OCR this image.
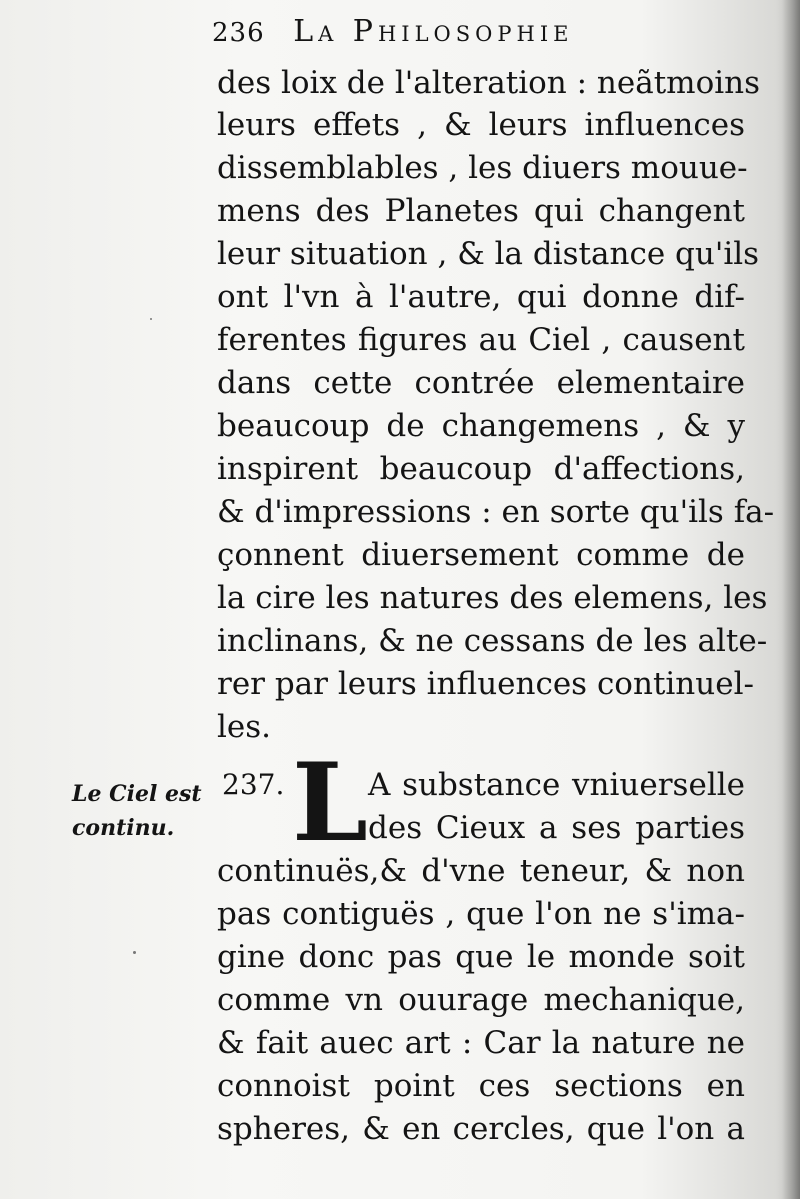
236 La Philosophie
des loix de l'alteration : neãtmoins
leurs effets , & leurs influences
dissemblables , les diuers mouue-
mens des Planetes qui changent
leur situation , & la distance qu'ils
ont l'vn à l'autre, qui donne dif-
ferentes figures au Ciel , causent
dans cette contrée elementaire
beaucoup de changemens , & y
inspirent beaucoup d'affections,
& d'impressions : en sorte qu'ils fa-
çonnent diuersement comme de
la cire les natures des elemens, les
inclinans, & ne cessans de les alte-
rer par leurs influences continuel-
les.
Le Ciel est
continu.
237. L A substance vniuerselle
des Cieux a ses parties
continuës,& d'vne teneur, & non
pas contiguës , que l'on ne s'ima-
gine donc pas que le monde soit
comme vn ouurage mechanique,
& fait auec art : Car la nature ne
connoist point ces sections en
spheres, & en cercles, que l'on a
